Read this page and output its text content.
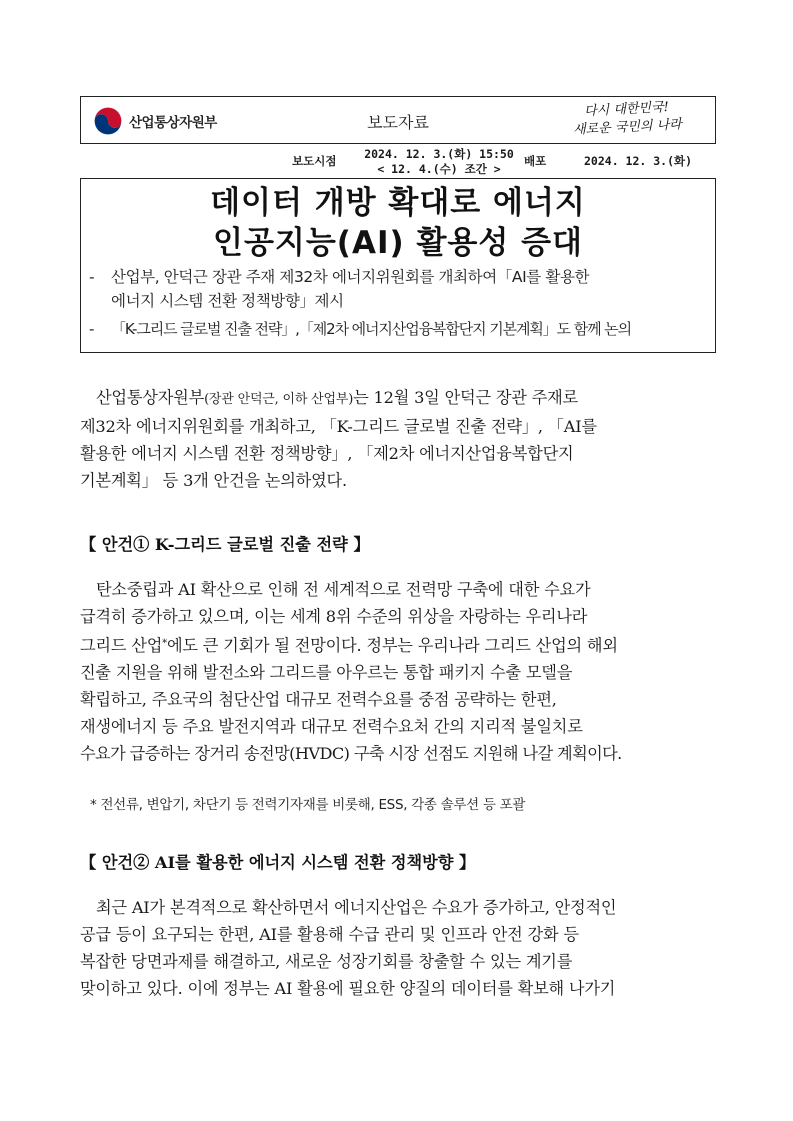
산업통상자원부	보도자료
다시 대한민국!
새로운 국민의 나라
보도시점 2024. 12. 3.(화) 15:50
< 12. 4.(수) 조간 >
배포	2024. 12. 3.(화)
데이터 개방 확대로 에너지
인공지능(AI) 활용성 증대
-	산업부, 안덕근 장관 주재 제32차 에너지위원회를 개최하여「AI를 활용한
에너지 시스템 전환 정책방향」제시
-	「K-그리드 글로벌 진출 전략」,「제2차 에너지산업융복합단지 기본계획」도 함께 논의
산업통상자원부(장관 안덕근, 이하 산업부)는 12월 3일 안덕근 장관 주재로
제32차 에너지위원회를 개최하고, 「K-그리드 글로벌 진출 전략」, 「AI를
활용한 에너지 시스템 전환 정책방향」, 「제2차 에너지산업융복합단지
기본계획」 등 3개 안건을 논의하였다.
【 안건① K-그리드 글로벌 진출 전략 】
탄소중립과 AI 확산으로 인해 전 세계적으로 전력망 구축에 대한 수요가
급격히 증가하고 있으며, 이는 세계 8위 수준의 위상을 자랑하는 우리나라
그리드 산업*에도 큰 기회가 될 전망이다. 정부는 우리나라 그리드 산업의 해외
진출 지원을 위해 발전소와 그리드를 아우르는 통합 패키지 수출 모델을
확립하고, 주요국의 첨단산업 대규모 전력수요를 중점 공략하는 한편,
재생에너지 등 주요 발전지역과 대규모 전력수요처 간의 지리적 불일치로
수요가 급증하는 장거리 송전망(HVDC) 구축 시장 선점도 지원해 나갈 계획이다.
* 전선류, 변압기, 차단기 등 전력기자재를 비롯해, ESS, 각종 솔루션 등 포괄
【 안건② AI를 활용한 에너지 시스템 전환 정책방향 】
최근 AI가 본격적으로 확산하면서 에너지산업은 수요가 증가하고, 안정적인
공급 등이 요구되는 한편, AI를 활용해 수급 관리 및 인프라 안전 강화 등
복잡한 당면과제를 해결하고, 새로운 성장기회를 창출할 수 있는 계기를
맞이하고 있다. 이에 정부는 AI 활용에 필요한 양질의 데이터를 확보해 나가기
